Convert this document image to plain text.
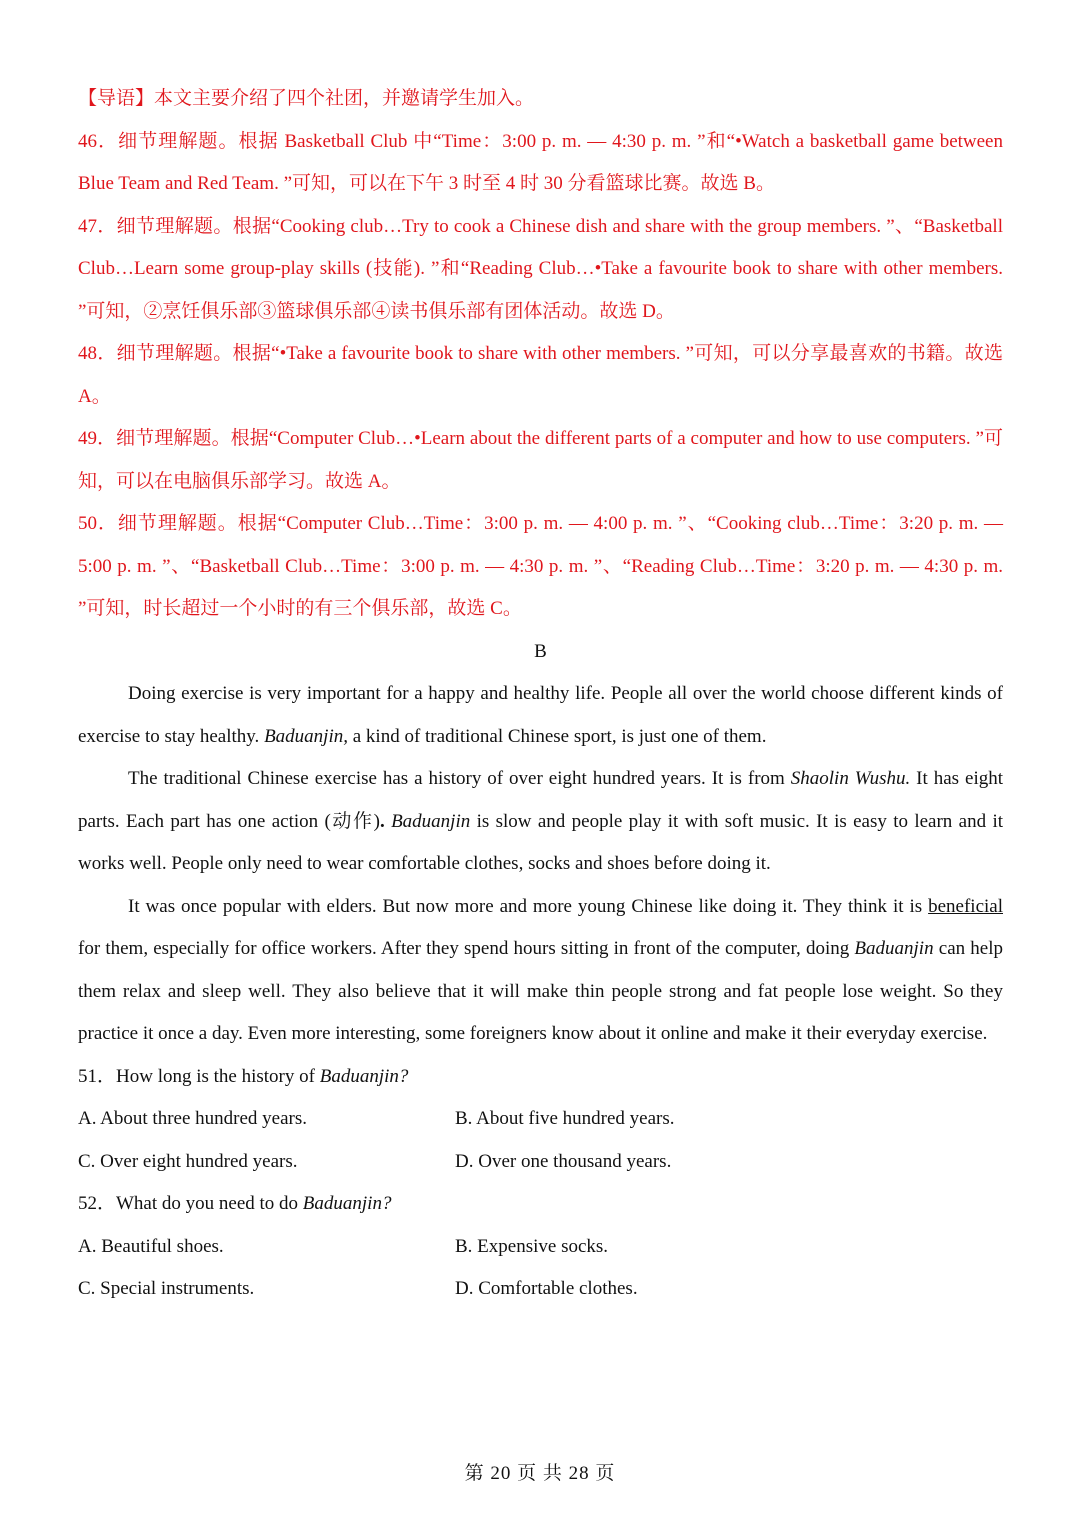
【导语】本文主要介绍了四个社团，并邀请学生加入。

46．细节理解题。根据 Basketball Club 中“Time：3:00 p. m. — 4:30 p. m. ”和“•Watch a basketball game between Blue Team and Red Team. ”可知，可以在下午 3 时至 4 时 30 分看篮球比赛。故选 B。

47．细节理解题。根据“Cooking club…Try to cook a Chinese dish and share with the group members. ”、“Basketball Club…Learn some group-play skills (技能). ”和“Reading Club…•Take a favourite book to share with other members. ”可知，②烹饪俱乐部③篮球俱乐部④读书俱乐部有团体活动。故选 D。

48．细节理解题。根据“•Take a favourite book to share with other members. ”可知，可以分享最喜欢的书籍。故选 A。

49．细节理解题。根据“Computer Club…•Learn about the different parts of a computer and how to use computers. ”可知，可以在电脑俱乐部学习。故选 A。

50．细节理解题。根据“Computer Club…Time：3:00 p. m. — 4:00 p. m. ”、“Cooking club…Time：3:20 p. m. —5:00 p. m. ”、“Basketball Club…Time：3:00 p. m. — 4:30 p. m. ”、“Reading Club…Time：3:20 p. m. — 4:30 p. m. ”可知，时长超过一个小时的有三个俱乐部，故选 C。

B

Doing exercise is very important for a happy and healthy life. People all over the world choose different kinds of exercise to stay healthy. Baduanjin, a kind of traditional Chinese sport, is just one of them.

The traditional Chinese exercise has a history of over eight hundred years. It is from Shaolin Wushu. It has eight parts. Each part has one action (动作). Baduanjin is slow and people play it with soft music. It is easy to learn and it works well. People only need to wear comfortable clothes, socks and shoes before doing it.

It was once popular with elders. But now more and more young Chinese like doing it. They think it is beneficial for them, especially for office workers. After they spend hours sitting in front of the computer, doing Baduanjin can help them relax and sleep well. They also believe that it will make thin people strong and fat people lose weight. So they practice it once a day. Even more interesting, some foreigners know about it online and make it their everyday exercise.

51．How long is the history of Baduanjin?

A. About three hundred years.	B. About five hundred years.
C. Over eight hundred years.	D. Over one thousand years.

52．What do you need to do Baduanjin?

A. Beautiful shoes.	B. Expensive socks.
C. Special instruments.	D. Comfortable clothes.
第 20 页 共 28 页
